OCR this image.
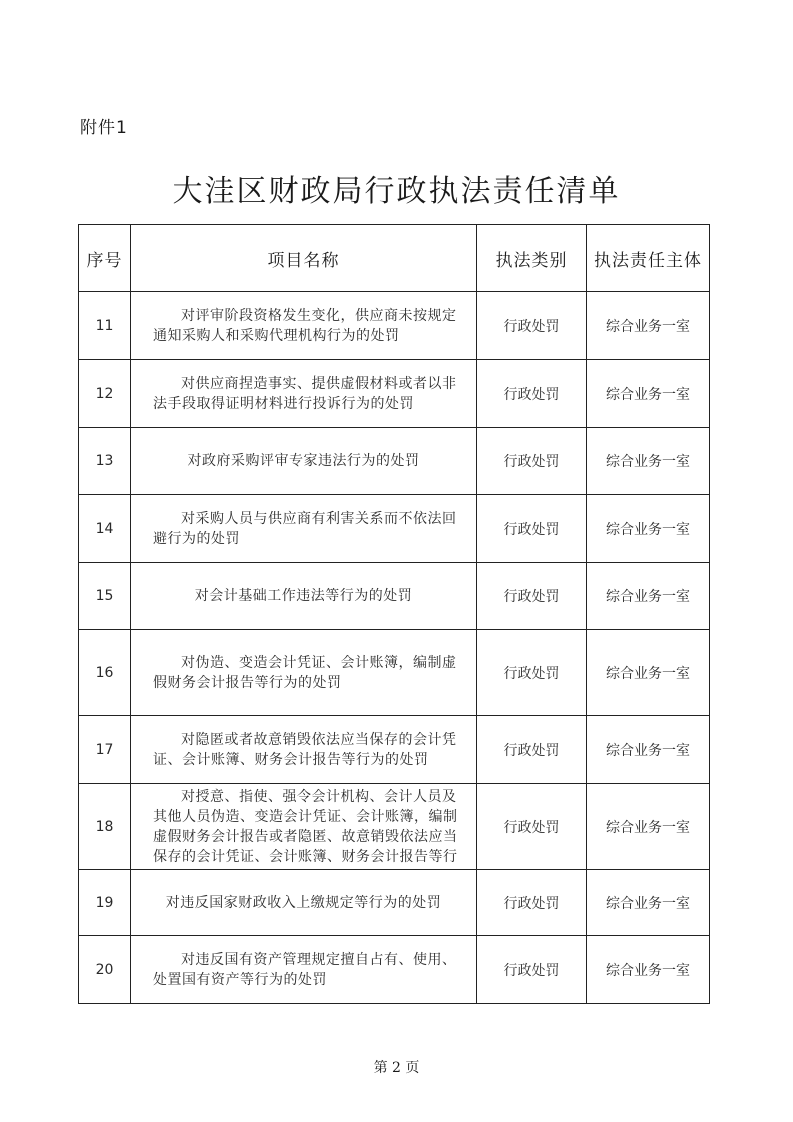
附件1
大洼区财政局行政执法责任清单
序号	项目名称	执法类别	执法责任主体
11	对评审阶段资格发生变化，供应商未按规定通知采购人和采购代理机构行为的处罚	行政处罚	综合业务一室
12	对供应商捏造事实、提供虚假材料或者以非法手段取得证明材料进行投诉行为的处罚	行政处罚	综合业务一室
13	对政府采购评审专家违法行为的处罚	行政处罚	综合业务一室
14	对采购人员与供应商有利害关系而不依法回避行为的处罚	行政处罚	综合业务一室
15	对会计基础工作违法等行为的处罚	行政处罚	综合业务一室
16	对伪造、变造会计凭证、会计账簿，编制虚假财务会计报告等行为的处罚	行政处罚	综合业务一室
17	对隐匿或者故意销毁依法应当保存的会计凭证、会计账簿、财务会计报告等行为的处罚	行政处罚	综合业务一室
18	对授意、指使、强令会计机构、会计人员及其他人员伪造、变造会计凭证、会计账簿，编制虚假财务会计报告或者隐匿、故意销毁依法应当保存的会计凭证、会计账簿、财务会计报告等行	行政处罚	综合业务一室
19	对违反国家财政收入上缴规定等行为的处罚	行政处罚	综合业务一室
20	对违反国有资产管理规定擅自占有、使用、处置国有资产等行为的处罚	行政处罚	综合业务一室
第 2 页
